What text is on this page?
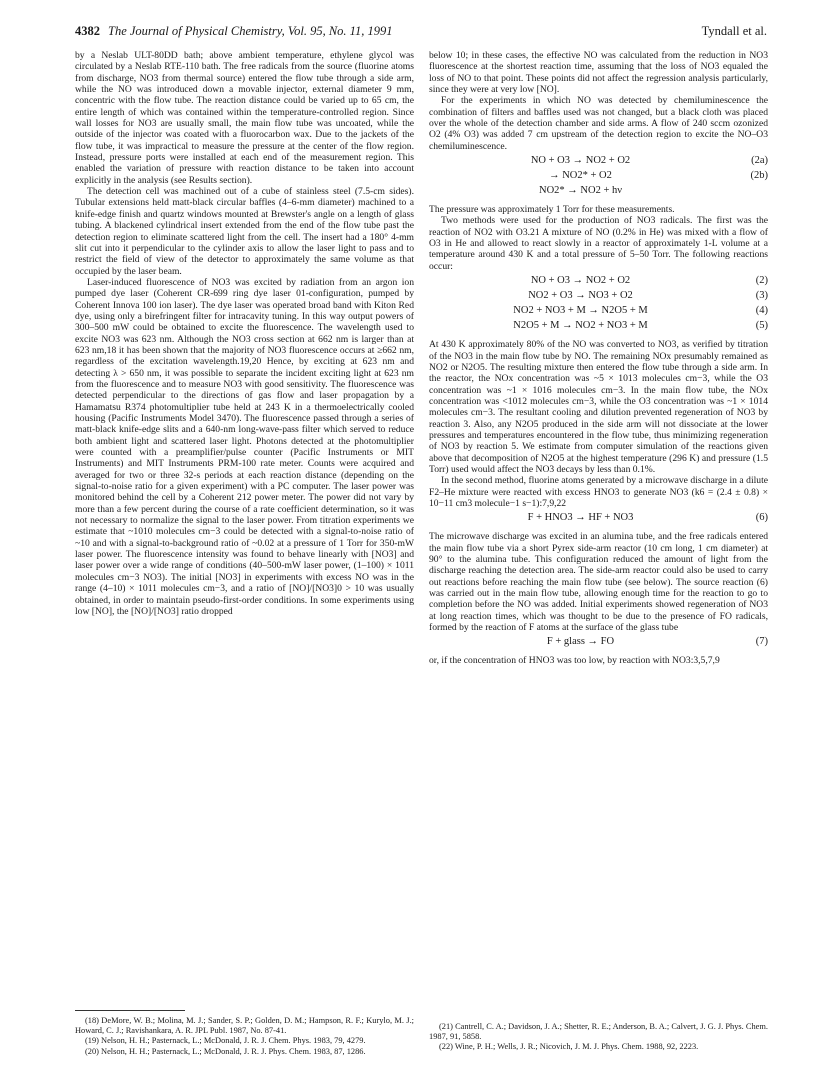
4382 The Journal of Physical Chemistry, Vol. 95, No. 11, 1991	Tyndall et al.

by a Neslab ULT-80DD bath; above ambient temperature, ethylene glycol was circulated by a Neslab RTE-110 bath. The free radicals from the source (fluorine atoms from discharge, NO3 from thermal source) entered the flow tube through a side arm, while the NO was introduced down a movable injector, external diameter 9 mm, concentric with the flow tube. The reaction distance could be varied up to 65 cm, the entire length of which was contained within the temperature-controlled region. Since wall losses for NO3 are usually small, the main flow tube was uncoated, while the outside of the injector was coated with a fluorocarbon wax. Due to the jackets of the flow tube, it was impractical to measure the pressure at the center of the flow region. Instead, pressure ports were installed at each end of the measurement region. This enabled the variation of pressure with reaction distance to be taken into account explicitly in the analysis (see Results section).

The detection cell was machined out of a cube of stainless steel (7.5-cm sides). Tubular extensions held matt-black circular baffles (4–6-mm diameter) machined to a knife-edge finish and quartz windows mounted at Brewster's angle on a length of glass tubing. A blackened cylindrical insert extended from the end of the flow tube past the detection region to eliminate scattered light from the cell. The insert had a 180° 4-mm slit cut into it perpendicular to the cylinder axis to allow the laser light to pass and to restrict the field of view of the detector to approximately the same volume as that occupied by the laser beam.

Laser-induced fluorescence of NO3 was excited by radiation from an argon ion pumped dye laser (Coherent CR-699 ring dye laser 01-configuration, pumped by Coherent Innova 100 ion laser). The dye laser was operated broad band with Kiton Red dye, using only a birefringent filter for intracavity tuning. In this way output powers of 300–500 mW could be obtained to excite the fluorescence. The wavelength used to excite NO3 was 623 nm. Although the NO3 cross section at 662 nm is larger than at 623 nm,18 it has been shown that the majority of NO3 fluorescence occurs at ≥662 nm, regardless of the excitation wavelength.19,20 Hence, by exciting at 623 nm and detecting λ > 650 nm, it was possible to separate the incident exciting light at 623 nm from the fluorescence and to measure NO3 with good sensitivity. The fluorescence was detected perpendicular to the directions of gas flow and laser propagation by a Hamamatsu R374 photomultiplier tube held at 243 K in a thermoelectrically cooled housing (Pacific Instruments Model 3470). The fluorescence passed through a series of matt-black knife-edge slits and a 640-nm long-wave-pass filter which served to reduce both ambient light and scattered laser light. Photons detected at the photomultiplier were counted with a preamplifier/pulse counter (Pacific Instruments or MIT Instruments) and MIT Instruments PRM-100 rate meter. Counts were acquired and averaged for two or three 32-s periods at each reaction distance (depending on the signal-to-noise ratio for a given experiment) with a PC computer. The laser power was monitored behind the cell by a Coherent 212 power meter. The power did not vary by more than a few percent during the course of a rate coefficient determination, so it was not necessary to normalize the signal to the laser power. From titration experiments we estimate that ~1010 molecules cm−3 could be detected with a signal-to-noise ratio of ~10 and with a signal-to-background ratio of ~0.02 at a pressure of 1 Torr for 350-mW laser power. The fluorescence intensity was found to behave linearly with [NO3] and laser power over a wide range of conditions (40–500-mW laser power, (1–100) × 1011 molecules cm−3 NO3). The initial [NO3] in experiments with excess NO was in the range (4–10) × 1011 molecules cm−3, and a ratio of [NO]/[NO3]0 > 10 was usually obtained, in order to maintain pseudo-first-order conditions. In some experiments using low [NO], the [NO]/[NO3] ratio dropped

below 10; in these cases, the effective NO was calculated from the reduction in NO3 fluorescence at the shortest reaction time, assuming that the loss of NO3 equaled the loss of NO to that point. These points did not affect the regression analysis particularly, since they were at very low [NO].

For the experiments in which NO was detected by chemiluminescence the combination of filters and baffles used was not changed, but a black cloth was placed over the whole of the detection chamber and side arms. A flow of 240 sccm ozonized O2 (4% O3) was added 7 cm upstream of the detection region to excite the NO–O3 chemiluminescence.

NO + O3 → NO2 + O2	(2a)
→ NO2* + O2	(2b)
NO2* → NO2 + hν

The pressure was approximately 1 Torr for these measurements.

Two methods were used for the production of NO3 radicals. The first was the reaction of NO2 with O3.21 A mixture of NO (0.2% in He) was mixed with a flow of O3 in He and allowed to react slowly in a reactor of approximately 1-L volume at a temperature around 430 K and a total pressure of 5–50 Torr. The following reactions occur:

NO + O3 → NO2 + O2	(2)
NO2 + O3 → NO3 + O2	(3)
NO2 + NO3 + M → N2O5 + M	(4)
N2O5 + M → NO2 + NO3 + M	(5)

At 430 K approximately 80% of the NO was converted to NO3, as verified by titration of the NO3 in the main flow tube by NO. The remaining NOx presumably remained as NO2 or N2O5. The resulting mixture then entered the flow tube through a side arm. In the reactor, the NOx concentration was ~5 × 1013 molecules cm−3, while the O3 concentration was ~1 × 1016 molecules cm−3. In the main flow tube, the NOx concentration was <1012 molecules cm−3, while the O3 concentration was ~1 × 1014 molecules cm−3. The resultant cooling and dilution prevented regeneration of NO3 by reaction 3. Also, any N2O5 produced in the side arm will not dissociate at the lower pressures and temperatures encountered in the flow tube, thus minimizing regeneration of NO3 by reaction 5. We estimate from computer simulation of the reactions given above that decomposition of N2O5 at the highest temperature (296 K) and pressure (1.5 Torr) used would affect the NO3 decays by less than 0.1%.

In the second method, fluorine atoms generated by a microwave discharge in a dilute F2–He mixture were reacted with excess HNO3 to generate NO3 (k6 = (2.4 ± 0.8) × 10−11 cm3 molecule−1 s−1):7,9,22

F + HNO3 → HF + NO3	(6)

The microwave discharge was excited in an alumina tube, and the free radicals entered the main flow tube via a short Pyrex side-arm reactor (10 cm long, 1 cm diameter) at 90° to the alumina tube. This configuration reduced the amount of light from the discharge reaching the detection area. The side-arm reactor could also be used to carry out reactions before reaching the main flow tube (see below). The source reaction (6) was carried out in the main flow tube, allowing enough time for the reaction to go to completion before the NO was added. Initial experiments showed regeneration of NO3 at long reaction times, which was thought to be due to the presence of FO radicals, formed by the reaction of F atoms at the surface of the glass tube

F + glass → FO	(7)

or, if the concentration of HNO3 was too low, by reaction with NO3:3,5,7,9

(18) DeMore, W. B.; Molina, M. J.; Sander, S. P.; Golden, D. M.; Hampson, R. F.; Kurylo, M. J.; Howard, C. J.; Ravishankara, A. R. JPL Publ. 1987, No. 87-41.

(19) Nelson, H. H.; Pasternack, L.; McDonald, J. R. J. Chem. Phys. 1983, 79, 4279.

(20) Nelson, H. H.; Pasternack, L.; McDonald, J. R. J. Phys. Chem. 1983, 87, 1286.

(21) Cantrell, C. A.; Davidson, J. A.; Shetter, R. E.; Anderson, B. A.; Calvert, J. G. J. Phys. Chem. 1987, 91, 5858.

(22) Wine, P. H.; Wells, J. R.; Nicovich, J. M. J. Phys. Chem. 1988, 92, 2223.
